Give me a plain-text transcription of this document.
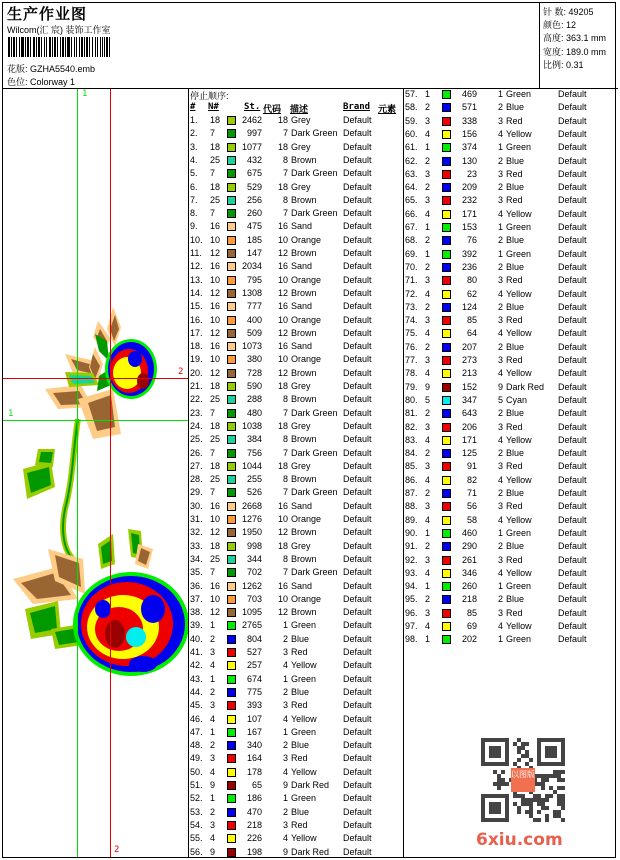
生产作业图
Wilcom(汇 宸) 装饰工作室
花版: GZHA5540.emb
色位: Colorway 1
针 数: 49205
颜色: 12
高度: 363.1 mm
宽度: 189.0 mm
比例: 0.31
1
1
2
2
停止顺序:
# N#	St. 代码 描述	Brand 元素
1. 18	2462	18 Grey	Default
2. 7	997	7 Dark Green Default
3. 18	1077	18 Grey	Default
4. 25	432	8 Brown	Default
5. 7	675	7 Dark Green Default
6. 18	529	18 Grey	Default
7. 25	256	8 Brown	Default
8. 7	260	7 Dark Green Default
9. 16	475	16 Sand	Default
10. 10	185	10 Orange Default
11. 12	147	12 Brown	Default
12. 16	2034	16 Sand	Default
13. 10	795	10 Orange Default
14. 12	1308	12 Brown	Default
15. 16	777	16 Sand	Default
16. 10	400	10 Orange Default
17. 12	509	12 Brown	Default
18. 16	1073	16 Sand	Default
19. 10	380	10 Orange Default
20. 12	728	12 Brown	Default
21. 18	590	18 Grey	Default
22. 25	288	8 Brown	Default
23. 7	480	7 Dark Green Default
24. 18	1038	18 Grey	Default
25. 25	384	8 Brown	Default
26. 7	756	7 Dark Green Default
27. 18	1044	18 Grey	Default
28. 25	255	8 Brown	Default
29. 7	526	7 Dark Green Default
30. 16	2668	16 Sand	Default
31. 10	1276	10 Orange Default
32. 12	1950	12 Brown	Default
33. 18	998	18 Grey	Default
34. 25	344	8 Brown	Default
35. 7	702	7 Dark Green Default
36. 16	1262	16 Sand	Default
37. 10	703	10 Orange Default
38. 12	1095	12 Brown	Default
39. 1	2765	1 Green	Default
40. 2	804	2 Blue	Default
41. 3	527	3 Red	Default
42. 4	257	4 Yellow	Default
43. 1	674	1 Green	Default
44. 2	775	2 Blue	Default
45. 3	393	3 Red	Default
46. 4	107	4 Yellow	Default
47. 1	167	1 Green	Default
48. 2	340	2 Blue	Default
49. 3	164	3 Red	Default
50. 4	178	4 Yellow	Default
51. 9	65	9 Dark Red Default
52. 1	186	1 Green	Default
53. 2	470	2 Blue	Default
54. 3	218	3 Red	Default
55. 4	226	4 Yellow	Default
56. 9	198	9 Dark Red Default
57. 1	469	1 Green	Default
58. 2	571	2 Blue	Default
59. 3	338	3 Red	Default
60. 4	156	4 Yellow	Default
61. 1	374	1 Green	Default
62. 2	130	2 Blue	Default
63. 3	23	3 Red	Default
64. 2	209	2 Blue	Default
65. 3	232	3 Red	Default
66. 4	171	4 Yellow	Default
67. 1	153	1 Green	Default
68. 2	76	2 Blue	Default
69. 1	392	1 Green	Default
70. 2	236	2 Blue	Default
71. 3	80	3 Red	Default
72. 4	62	4 Yellow	Default
73. 2	124	2 Blue	Default
74. 3	85	3 Red	Default
75. 4	64	4 Yellow	Default
76. 2	207	2 Blue	Default
77. 3	273	3 Red	Default
78. 4	213	4 Yellow	Default
79. 9	152	9 Dark Red Default
80. 5	347	5 Cyan	Default
81. 2	643	2 Blue	Default
82. 3	206	3 Red	Default
83. 4	171	4 Yellow	Default
84. 2	125	2 Blue	Default
85. 3	91	3 Red	Default
86. 4	82	4 Yellow	Default
87. 2	71	2 Blue	Default
88. 3	56	3 Red	Default
89. 4	58	4 Yellow	Default
90. 1	460	1 Green	Default
91. 2	290	2 Blue	Default
92. 3	261	3 Red	Default
93. 4	346	4 Yellow	Default
94. 1	260	1 Green	Default
95. 2	218	2 Blue	Default
96. 3	85	3 Red	Default
97. 4	69	4 Yellow	Default
98. 1	202	1 Green	Default
以图版
6xiu.com
